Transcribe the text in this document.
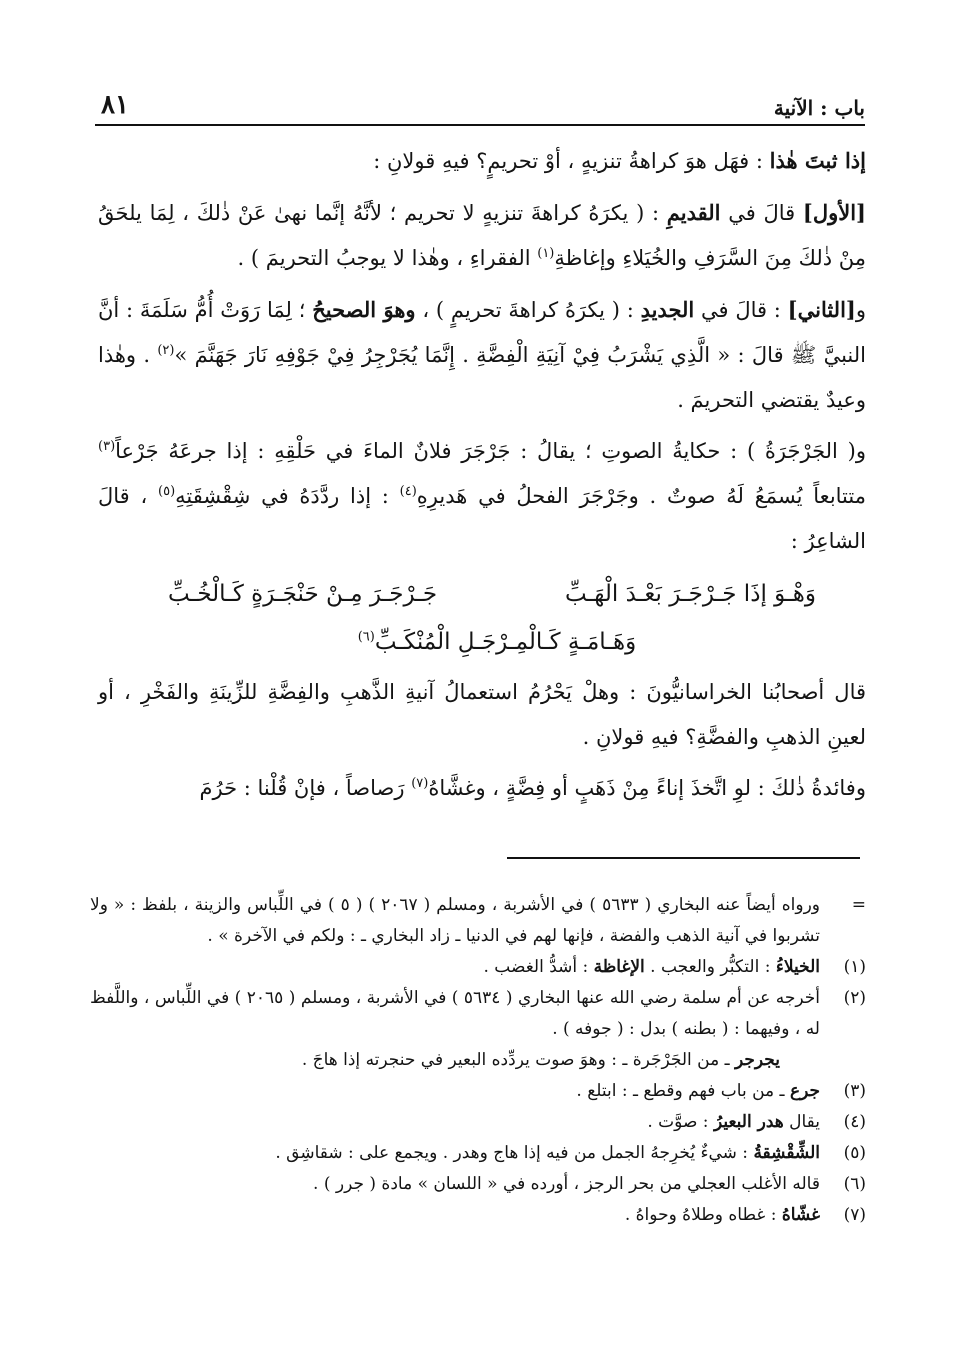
باب : الآنية
٨١

إذا ثبتَ هٰذا : فهَل هوَ كراهةُ تنزيهٍ ، أوْ تحريمٍ؟ فيهِ قولانِ :

[الأول] قالَ في القديمِ : ( يكرَهُ كراهةَ تنزيهٍ لا تحريم ؛ لأنَّهُ إنَّما نهىٰ عَنْ ذٰلكَ ، لِمَا يلحَقُ مِنْ ذٰلكَ مِنَ السَّرَفِ والخُيَلاءِ وإغاظةِ$^{(١)}$ الفقراءِ ، وهٰذا لا يوجبُ التحريمَ ) .

و[الثاني] : قالَ في الجديدِ : ( يكرَهُ كراهةَ تحريمٍ ) ، وهوَ الصحيحُ ؛ لِمَا رَوَتْ أُمُّ سَلَمَةَ : أنَّ النبيَّ ﷺ قالَ : « الَّذِي يَشْرَبُ فِيْ آنِيَةِ الْفِضَّةِ . إِنَّمَا يُجَرْجِرُ فِيْ جَوْفِهِ نَارَ جَهَنَّمَ »$^{(٢)}$ . وهٰذا وعيدٌ يقتضي التحريمَ .

و( الجَرْجَرَةُ ) : حكايةُ الصوتِ ؛ يقالُ : جَرْجَرَ فلانٌ الماءَ في حَلْقِهِ : إذا جرعَهُ جَرْعاً$^{(٣)}$ متتابعاً يُسمَعُ لَهُ صوتٌ . وجَرْجَرَ الفحلُ في هَديرِهِ$^{(٤)}$ : إذا ردَّدَهُ في شِقْشِقَتِهِ$^{(٥)}$ ، قالَ الشاعِرُ :

وَهْـوَ إذَا جَـرْجَـرَ بَعْـدَ الْهَـبِّ
جَـرْجَـرَ مِـنْ حَنْجَـرَةٍ كَـالْخُـبِّ
وَهَـامَـةٍ كَـالْمِـرْجَـلِ الْمُنْكَـبِّ$^{(٦)}$

قال أصحابُنا الخراسانيُّونَ : وهلْ يَحْرُمُ استعمالُ آنيةِ الذَّهبِ والفِضَّةِ للزِّينَةِ والفَخْرِ ، أو لعينِ الذهبِ والفضَّةِ؟ فيهِ قولانِ .

وفائدةُ ذٰلكَ : لوِ اتَّخذَ إناءً مِنْ ذَهَبٍ أو فِضَّةٍ ، وغشَّاهُ$^{(٧)}$ رَصاصاً ، فإنْ قُلْنا : حَرُمَ

=
ورواه أيضاً عنه البخاري ( ٥٦٣٣ ) في الأشربة ، ومسلم ( ٢٠٦٧ ) ( ٥ ) في اللِّباس والزينة ، بلفظ : « ولا تشربوا في آنية الذهب والفضة ، فإنها لهم في الدنيا ـ زاد البخاري ـ : ولكم في الآخرة » .
(١)
الخيلاءُ : التكبُّر والعجب . الإغاظة : أشدُّ الغضب .
(٢)
أخرجه عن أم سلمة رضي الله عنها البخاري ( ٥٦٣٤ ) في الأشربة ، ومسلم ( ٢٠٦٥ ) في اللِّباس ، واللَّفظ له ، وفيهما : ( بطنه ) بدل : ( جوفه ) .
يجرجر ـ من الجَرْجَرة ـ : وهوَ صوت يردِّده البعير في حنجرته إذا هاجَ .
(٣)
جرع ـ من باب فهم وقطع ـ : ابتلع .
(٤)
يقال هدر البعيرُ : صوَّت .
(٥)
الشِّقْشِقةُ : شيءٌ يُخرِجهُ الجمل من فيه إذا هاج وهدر . ويجمع على : شقاشِق .
(٦)
قاله الأغلب العجلي من بحر الرجز ، أورده في « اللسان » مادة ( جرر ) .
(٧)
غشّاهُ : غطاه وطلاهُ وحواهُ .
